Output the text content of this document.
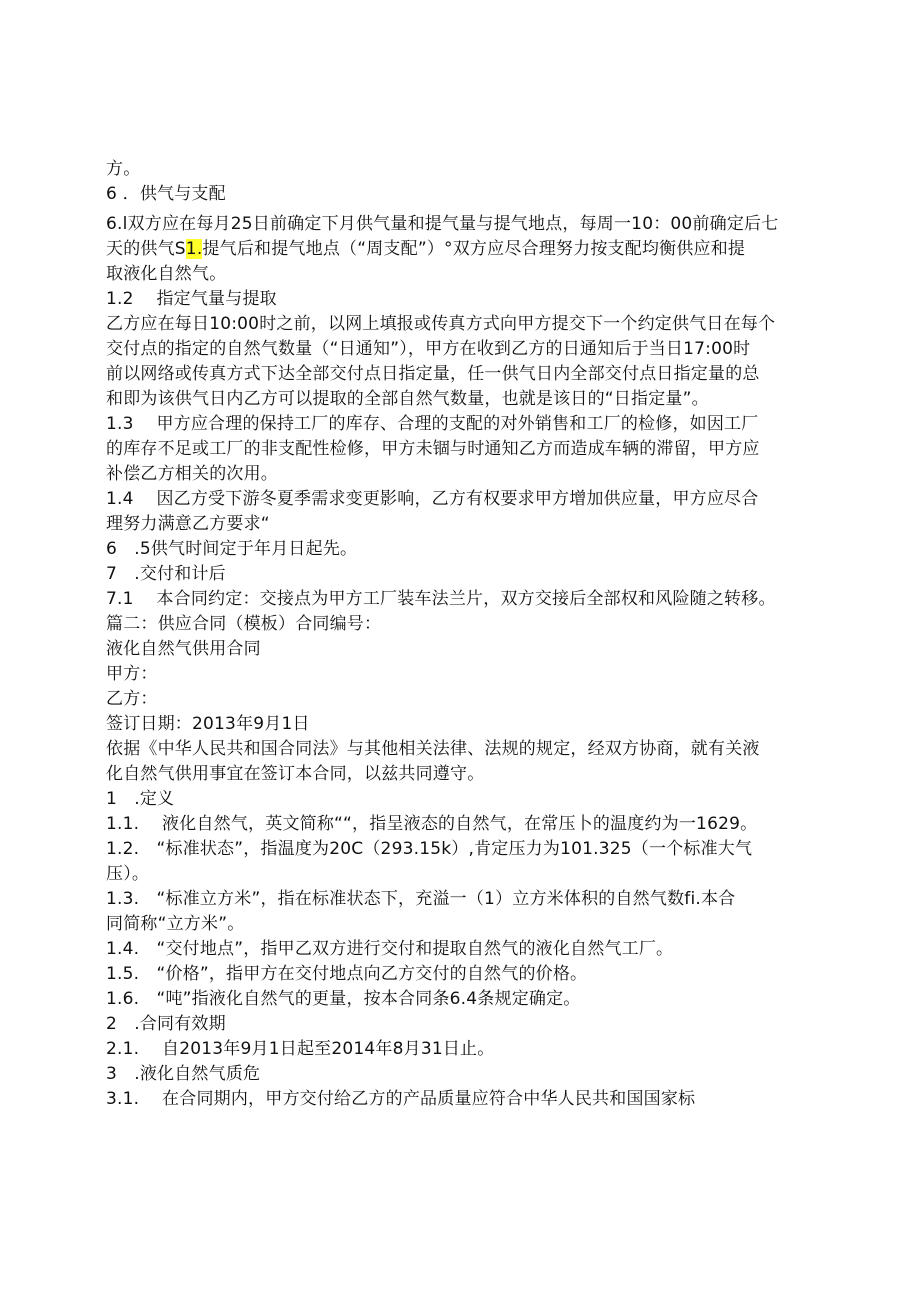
方。
6 ．供气与支配
6.l双方应在每月25日前确定下月供气量和提气量与提气地点，每周一10：00前确定后七
天的供气S1.提气后和提气地点（“周支配”）°双方应尽合理努力按支配均衡供应和提
取液化自然气。
1.2　 指定气量与提取
乙方应在每日10:00时之前，以网上填报或传真方式向甲方提交下一个约定供气日在每个
交付点的指定的自然气数量（“日通知”），甲方在收到乙方的日通知后于当日17:00时
前以网络或传真方式下达全部交付点日指定量，任一供气日内全部交付点日指定量的总
和即为该供气日内乙方可以提取的全部自然气数量，也就是该日的“日指定量”。
1.3　 甲方应合理的保持工厂的库存、合理的支配的对外销售和工厂的检修，如因工厂
的库存不足或工厂的非支配性检修，甲方未锢与时通知乙方而造成车辆的滞留，甲方应
补偿乙方相关的次用。
1.4　 因乙方受下游冬夏季需求变更影响，乙方有权要求甲方增加供应量，甲方应尽合
理努力满意乙方要求“
6　.5供气时间定于年月日起先。
7　.交付和计后
7.1　 本合同约定：交接点为甲方工厂装车法兰片，双方交接后全部权和风险随之转移。
篇二：供应合同（模板）合同编号：
液化自然气供用合同
甲方：
乙方：
签订日期：2013年9月1日
依据《中华人民共和国合同法》与其他相关法律、法规的规定，经双方协商，就有关液
化自然气供用事宜在签订本合同，以兹共同遵守。
1　.定义
1.1.　 液化自然气，英文简称““，指呈液态的自然气，在常压卜的温度约为一1629。
1.2.　“标准状态”，指温度为20C（293.15k）,肯定压力为101.325（一个标准大气
压）。
1.3.　“标准立方米”，指在标准状态下，充溢一（1）立方米体积的自然气数fi.本合
同简称“立方米”。
1.4.　“交付地点”，指甲乙双方进行交付和提取自然气的液化自然气工厂。
1.5.　“价格”，指甲方在交付地点向乙方交付的自然气的价格。
1.6.　“吨”指液化自然气的更量，按本合同条6.4条规定确定。
2　.合同有效期
2.1.　 自2013年9月1日起至2014年8月31日止。
3　.液化自然气质危
3.1.　 在合同期内，甲方交付给乙方的产品质量应符合中华人民共和国国家标
